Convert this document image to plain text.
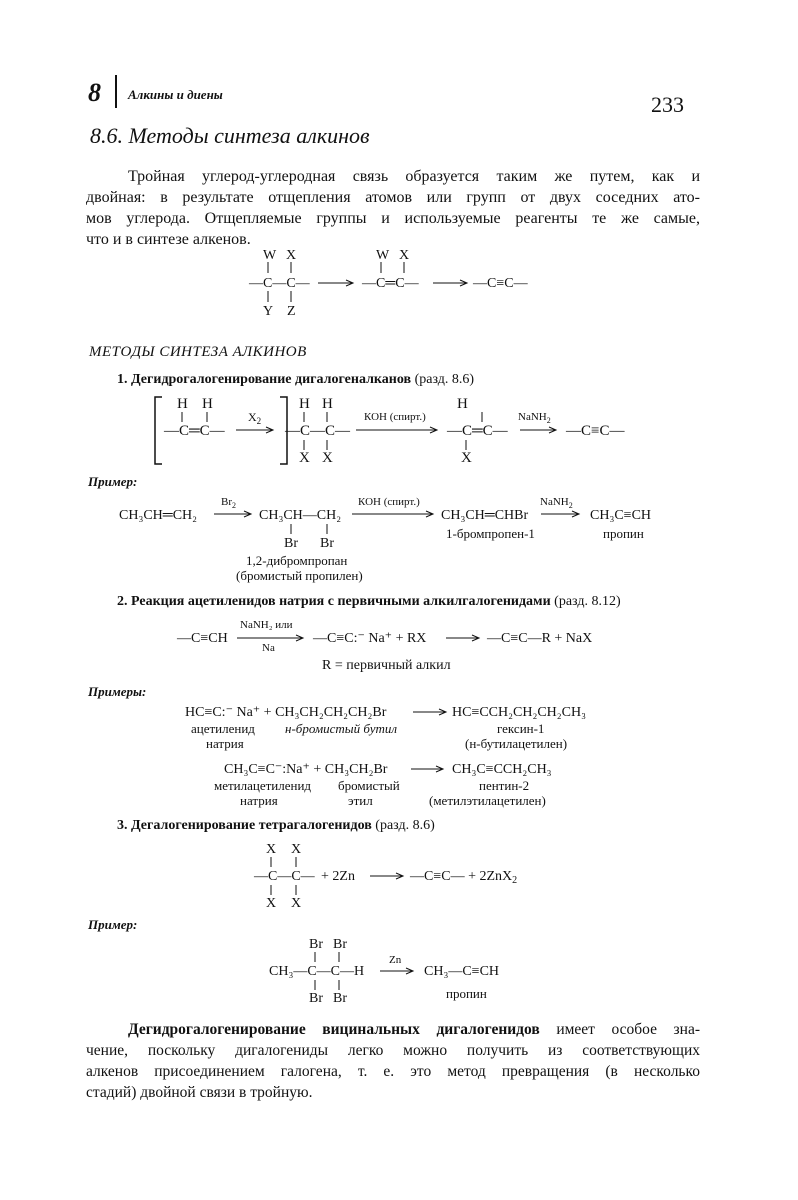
8 Алкины и диены	233
8.6. Методы синтеза алкинов
Тройная углерод-углеродная связь образуется таким же путем, как и
двойная: в результате отщепления атомов или групп от двух соседних ато-
мов углерода. Отщепляемые группы и используемые реагенты те же самые,
что и в синтезе алкенов.
W X
—C—C—
Y Z
W X
—C═C—	—C≡C—
МЕТОДЫ СИНТЕЗА АЛКИНОВ
1. Дегидрогалогенирование дигалогеналканов (разд. 8.6)
H H
—C═C—
$X_2$
H H
—C—C—
X X
КОН (спирт.)
H
—C═C—
X
NaNH$_2$
—C≡C—
Пример:
CH₃CH═CH₂
$Br_2$
CH₃CH—CH₂
Br Br
КОН (спирт.)
CH₃CH═CHBr
NaNH$_2$
CH₃C≡CH
1,2-дибромпропан
(бромистый пропилен)
1-бромпропен-1	пропин
2. Реакция ацетиленидов натрия с первичными алкилгалогенидами (разд. 8.12)
—C≡CH
NaNH₂ или
Na
—C≡C:⁻ Na⁺ + RX	—C≡C—R + NaX
R = первичный алкил
Примеры:
HC≡C:⁻ Na⁺ + CH₃CH₂CH₂CH₂Br	HC≡CCH₂CH₂CH₂CH₃
ацетиленид
натрия
н-бромистый бутил	гексин-1
(н-бутилацетилен)
CH₃C≡C⁻:Na⁺ + CH₃CH₂Br	CH₃C≡CCH₂CH₃
метилацетиленид
натрия
бромистый
этил
пентин-2
(метилэтилацетилен)
3. Дегалогенирование тетрагалогенидов (разд. 8.6)
X X
—C—C—
X X
+ 2Zn	—C≡C— + 2ZnX$_2$
Пример:
Br Br
CH₃—C—C—H
Br Br
Zn
CH₃—C≡CH
пропин
Дегидрогалогенирование вицинальных дигалогенидов имеет особое зна-
чение, поскольку дигалогениды легко можно получить из соответствующих
алкенов присоединением галогена, т. е. это метод превращения (в несколько
стадий) двойной связи в тройную.
